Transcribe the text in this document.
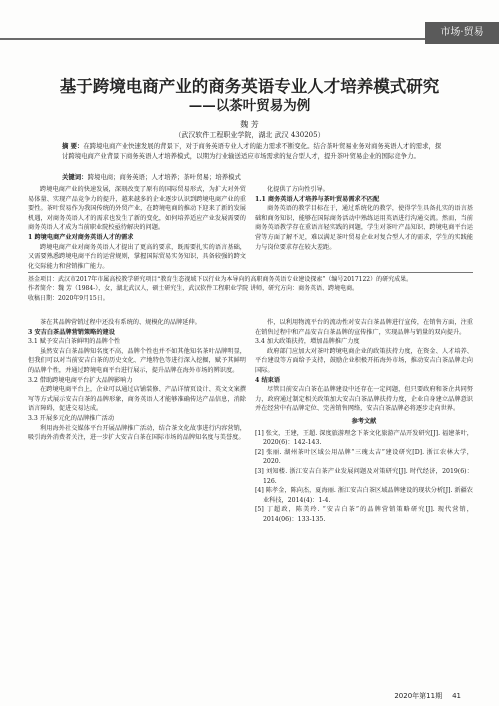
市场·贸易
基于跨境电商产业的商务英语专业人才培养模式研究
——以茶叶贸易为例
魏 芳
（武汉软件工程职业学院，湖北 武汉 430205）
摘 要：在跨境电商产业快速发展的背景下，对于商务英语专业人才的能力需求不断变化。结合茶叶贸易业务对商务英语人才的需求，探讨跨境电商产业背景下商务英语人才培养模式，以期为行业输送适应市场需求的复合型人才，提升茶叶贸易企业的国际竞争力。
关键词：跨境电商；商务英语；人才培养；茶叶贸易；培养模式

跨境电商产业的快速发展，深刻改变了原有的国际贸易形式，为扩大对外贸易体量、实现产品竞争力的提升，越来越多的企业逐步认识到跨境电商产业的重要性。茶叶贸易作为我国传统的外贸产业，在跨境电商的推动下迎来了新的发展机遇，对商务英语人才的需求也发生了新的变化，如何培养适应产业发展需要的商务英语人才成为当前职业院校亟待解决的问题。

1 跨境电商产业对商务英语人才的需求

跨境电商产业对商务英语人才提出了更高的要求，既需要扎实的语言基础，又需要熟悉跨境电商平台的运营规则，掌握国际贸易实务知识，具备较强的跨文化交际能力和营销推广能力。

化提供了方向性引导。

1.1 商务英语人才培养与茶叶贸易需求不匹配

商务英语的教学目标在于，通过系统化的教学，使得学生具备扎实的语言基础和商务知识，能够在国际商务活动中熟练运用英语进行沟通交流。然而，当前商务英语教学存在重语言轻实践的问题，学生对茶叶产品知识、跨境电商平台运营等方面了解不足，难以满足茶叶贸易企业对复合型人才的需求，学生的实践能力与岗位要求存在较大差距。

基金项目：武汉市2017年市属高校教学研究项目“教育生态视域下以行业为本导向的高职商务英语专业建设探索”（编号2017122）的研究成果。
作者简介：魏 芳（1984-），女，湖北武汉人，硕士研究生，武汉软件工程职业学院 讲师，研究方向：商务英语、跨境电商。
收稿日期：2020年9月15日。

茶在其品牌营销过程中还没有系统的、规模化的品牌延伸。

3 安吉白茶品牌营销策略的建设

3.1 赋予安吉白茶鲜明的品牌个性

虽然安吉白茶品牌知名度不高，品牌个性也并不如其他知名茶叶品牌明显，但我们可以对当前安吉白茶的历史文化、产地特色等进行深入挖掘，赋予其鲜明的品牌个性，并通过跨境电商平台进行展示，提升品牌在海外市场的辨识度。

3.2 借助跨境电商平台扩大品牌影响力

在跨境电商平台上，企业可以通过店铺装修、产品详情页设计、英文文案撰写等方式展示安吉白茶的品牌形象，商务英语人才能够准确传达产品信息，消除语言障碍，促进交易达成。

3.3 开展多元化的品牌推广活动

利用海外社交媒体平台开展品牌推广活动，结合茶文化故事进行内容营销，吸引海外消费者关注，进一步扩大安吉白茶在国际市场的品牌知名度与美誉度。

作，以利用物流平台的流动性对安吉白茶品牌进行宣传，在销售方面，注重在销售过程中和产品安吉白茶品牌的宣传推广，实现品牌与销量的双向提升。

3.4 加大政策扶持，增加品牌推广力度

政府部门应加大对茶叶跨境电商企业的政策扶持力度，在资金、人才培养、平台建设等方面给予支持，鼓励企业积极开拓海外市场，推动安吉白茶品牌走向国际。

4 结束语

尽管目前安吉白茶在品牌建设中还存在一定问题，但只要政府和茶企共同努力，政府通过制定相关政策加大安吉白茶品牌扶持力度，企业自身建立品牌意识并在经营中有品牌定位、完善销售网络，安吉白茶品牌必将逐步走向世界。

参考文献

[1] 张文，王建，王超. 深度旅游理念下茶文化旅游产品开发研究[J]. 福建茶叶，2020(6)：142-143.

[2] 张丽. 湖州茶叶区域公用品牌“三瑰太吉”建设研究[D]. 浙江农林大学，2020.

[3] 刘知楼. 浙江安吉白茶产业发展问题及对策研究[J]. 时代经济，2019(6)：126.

[4] 陈孝金，陈向杰，夏海丽. 浙江安吉白茶区域品牌建设的现状分析[J]. 新疆农业科技，2014(4)：1-4.

[5] 丁超政，陈美玲. “安吉白茶”的品牌营销策略研究[J]. 现代营销，2014(06)：133-135.

2020年第11期 41
